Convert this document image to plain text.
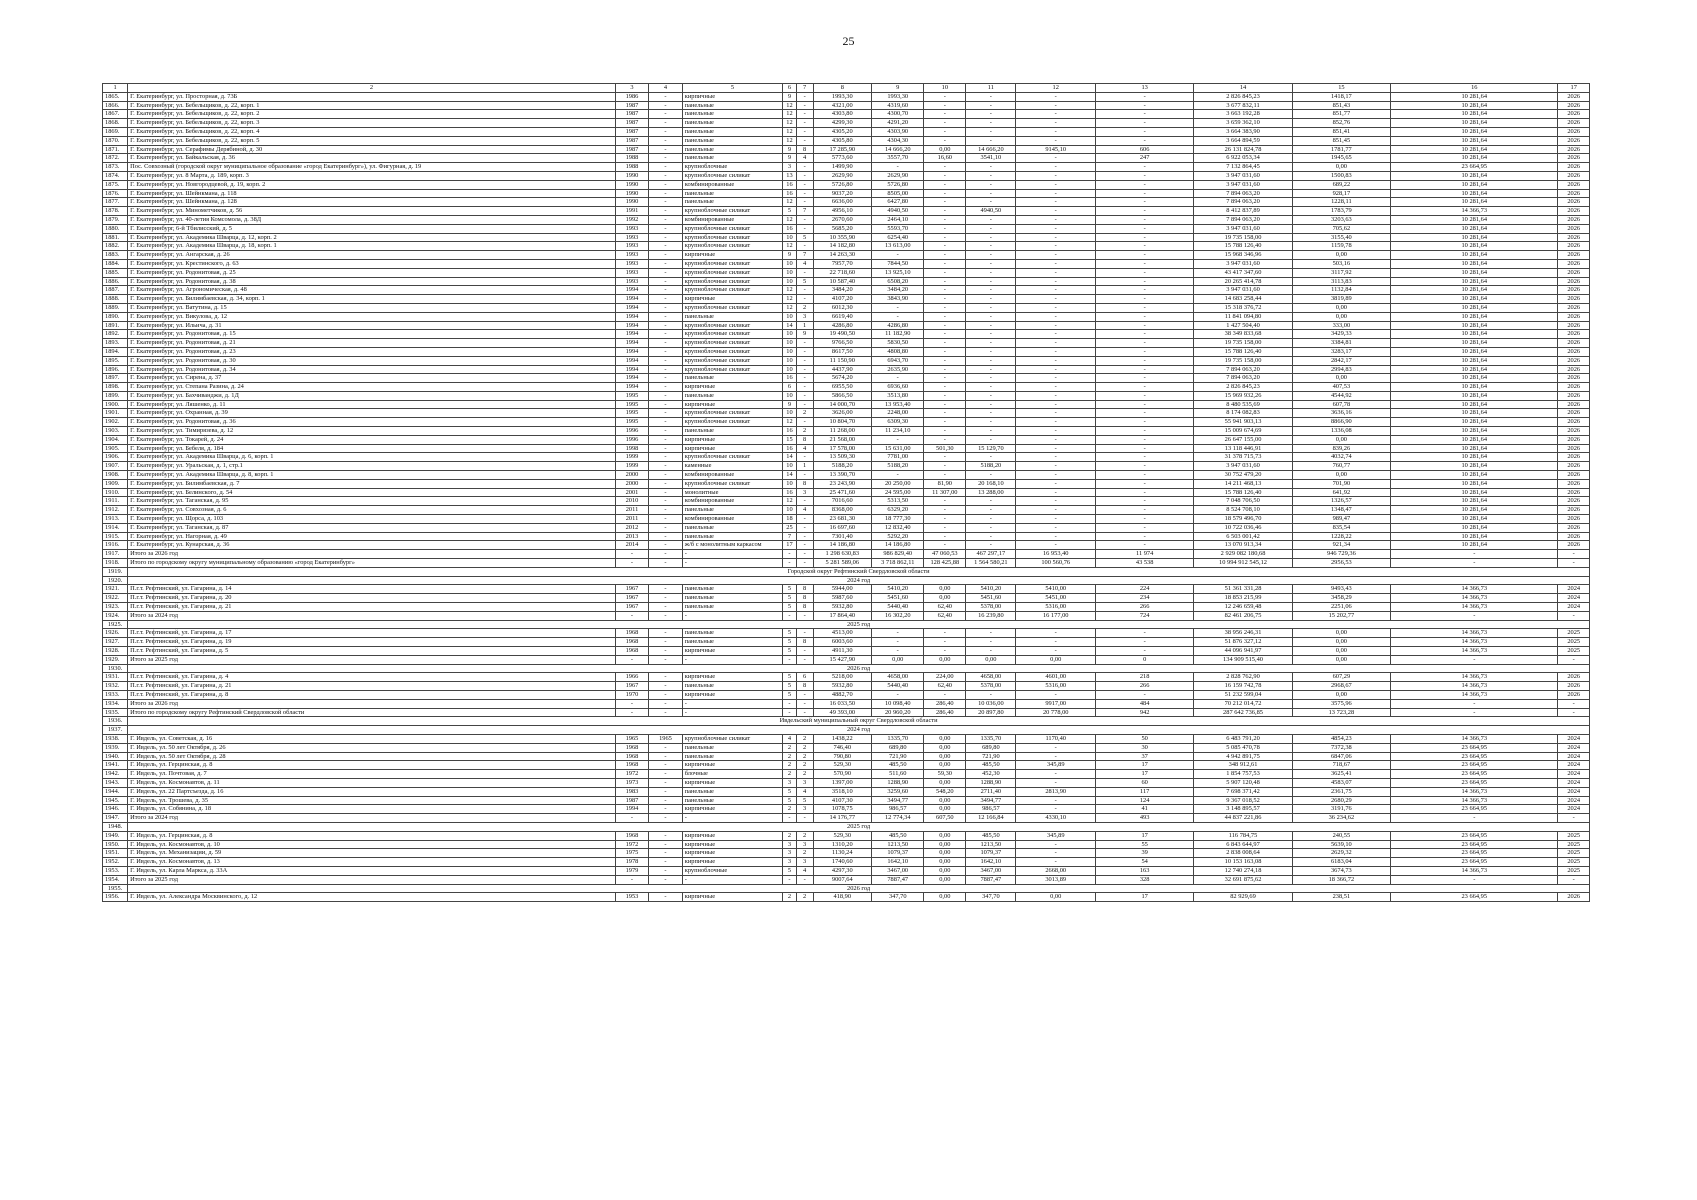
25
1	2	3	4	5	6	7	8	9	10	11	12	13	14	15	16	17
1865.	Г. Екатеринбург, ул. Просторная, д. 73Б	1986	-	кирпичные	9	-	1993,30	1993,30	-	-	-	-	2 826 845,23	1418,17	10 281,64	2026
1866.	Г. Екатеринбург, ул. Бебельщиков, д. 22, корп. 1	1987	-	панельные	12	-	4321,00	4319,60	-	-	-	-	3 677 832,11	851,43	10 281,64	2026
1867.	Г. Екатеринбург, ул. Бебельщиков, д. 22, корп. 2	1987	-	панельные	12	-	4303,80	4300,70	-	-	-	-	3 663 192,28	851,77	10 281,64	2026
1868.	Г. Екатеринбург, ул. Бебельщиков, д. 22, корп. 3	1987	-	панельные	12	-	4299,30	4291,20	-	-	-	-	3 659 362,10	852,76	10 281,64	2026
1869.	Г. Екатеринбург, ул. Бебельщиков, д. 22, корп. 4	1987	-	панельные	12	-	4305,20	4303,90	-	-	-	-	3 664 383,90	851,41	10 281,64	2026
1870.	Г. Екатеринбург, ул. Бебельщиков, д. 22, корп. 5	1987	-	панельные	12	-	4305,80	4304,30	-	-	-	-	3 664 894,59	851,45	10 281,64	2026
1871.	Г. Екатеринбург, ул. Серафимы Дерябиной, д. 30	1987	-	панельные	9	8	17 285,90	14 666,20	0,00	14 666,20	9145,10	606	26 131 824,78	1781,77	10 281,64	2026
1872.	Г. Екатеринбург, ул. Байкальская, д. 36	1988	-	панельные	9	4	5773,60	3557,70	16,60	3541,10	-	247	6 922 053,34	1945,65	10 281,64	2026
1873.	Пос. Совхозный (городской округ муниципальное образование «город Екатеринбург»), ул. Фигурная, д. 19	1988	-	крупноблочные	3	-	1499,90	-	-	-	-	-	7 132 864,45	0,00	23 664,95	2026
1874.	Г. Екатеринбург, ул. 8 Марта, д. 189, корп. 3	1990	-	крупноблочные силикат	13	-	2629,90	2629,90	-	-	-	-	3 947 031,60	1500,83	10 281,64	2026
1875.	Г. Екатеринбург, ул. Новгородцевой, д. 19, корп. 2	1990	-	комбинированные	16	-	5726,80	5726,80	-	-	-	-	3 947 031,60	689,22	10 281,64	2026
1876.	Г. Екатеринбург, ул. Шейнкмана, д. 118	1990	-	панельные	16	-	9037,20	8505,00	-	-	-	-	7 894 063,20	928,17	10 281,64	2026
1877.	Г. Екатеринбург, ул. Шейнкмана, д. 128	1990	-	панельные	12	-	6636,00	6427,80	-	-	-	-	7 894 063,20	1228,11	10 281,64	2026
1878.	Г. Екатеринбург, ул. Минометчиков, д. 56	1991	-	крупноблочные силикат	5	7	4956,10	4940,50	-	4940,50	-	-	8 412 837,89	1783,79	14 366,73	2026
1879.	Г. Екатеринбург, ул. 40-летия Комсомола, д. 38Д	1992	-	комбинированные	12	-	2670,60	2464,10	-	-	-	-	7 894 063,20	3203,63	10 281,64	2026
1880.	Г. Екатеринбург, 6-й Тбилисский, д. 5	1993	-	крупноблочные силикат	16	-	5685,20	5593,70	-	-	-	-	3 947 031,60	705,62	10 281,64	2026
1881.	Г. Екатеринбург, ул. Академика Шварца, д. 12, корп. 2	1993	-	крупноблочные силикат	10	5	10 355,90	6254,40	-	-	-	-	19 735 158,00	3155,40	10 281,64	2026
1882.	Г. Екатеринбург, ул. Академика Шварца, д. 18, корп. 1	1993	-	крупноблочные силикат	12	-	14 182,80	13 613,00	-	-	-	-	15 788 126,40	1159,78	10 281,64	2026
1883.	Г. Екатеринбург, ул. Ангарская, д. 26	1993	-	кирпичные	9	7	14 263,30	-	-	-	-	-	15 968 346,96	0,00	10 281,64	2026
1884.	Г. Екатеринбург, ул. Крестинского, д. 63	1993	-	крупноблочные силикат	10	4	7957,70	7844,50	-	-	-	-	3 947 031,60	503,16	10 281,64	2026
1885.	Г. Екатеринбург, ул. Родонитовая, д. 25	1993	-	крупноблочные силикат	10	-	22 718,60	13 925,10	-	-	-	-	43 417 347,60	3117,92	10 281,64	2026
1886.	Г. Екатеринбург, ул. Родонитовая, д. 38	1993	-	крупноблочные силикат	10	5	10 587,40	6508,20	-	-	-	-	20 265 414,78	3113,83	10 281,64	2026
1887.	Г. Екатеринбург, ул. Агрономическая, д. 48	1994	-	крупноблочные силикат	12	-	3484,20	3484,20	-	-	-	-	3 947 031,60	1132,84	10 281,64	2026
1888.	Г. Екатеринбург, ул. Билимбаевская, д. 34, корп. 1	1994	-	кирпичные	12	-	4107,20	3843,90	-	-	-	-	14 683 258,44	3819,89	10 281,64	2026
1889.	Г. Екатеринбург, ул. Ватутина, д. 15	1994	-	крупноблочные силикат	12	2	6012,30	-	-	-	-	-	15 318 376,72	0,00	10 281,64	2026
1890.	Г. Екатеринбург, ул. Викулова, д. 12	1994	-	панельные	10	3	6619,40	-	-	-	-	-	11 841 094,80	0,00	10 281,64	2026
1891.	Г. Екатеринбург, ул. Ильича, д. 31	1994	-	крупноблочные силикат	14	1	4286,80	4286,80	-	-	-	-	1 427 504,40	333,00	10 281,64	2026
1892.	Г. Екатеринбург, ул. Родонитовая, д. 15	1994	-	крупноблочные силикат	10	9	19 490,50	11 182,90	-	-	-	-	38 349 833,68	3429,33	10 281,64	2026
1893.	Г. Екатеринбург, ул. Родонитовая, д. 21	1994	-	крупноблочные силикат	10	-	9766,50	5830,50	-	-	-	-	19 735 158,00	3384,81	10 281,64	2026
1894.	Г. Екатеринбург, ул. Родонитовая, д. 23	1994	-	крупноблочные силикат	10	-	8617,50	4808,80	-	-	-	-	15 788 126,40	3283,17	10 281,64	2026
1895.	Г. Екатеринбург, ул. Родонитовая, д. 30	1994	-	крупноблочные силикат	10	-	11 150,90	6943,70	-	-	-	-	19 735 158,00	2842,17	10 281,64	2026
1896.	Г. Екатеринбург, ул. Родонитовая, д. 34	1994	-	крупноблочные силикат	10	-	4437,90	2635,90	-	-	-	-	7 894 063,20	2994,83	10 281,64	2026
1897.	Г. Екатеринбург, ул. Сирена, д. 37	1994	-	панельные	16	-	5674,20	-	-	-	-	-	7 894 063,20	0,00	10 281,64	2026
1898.	Г. Екатеринбург, ул. Степана Разина, д. 24	1994	-	кирпичные	6	-	6955,50	6936,60	-	-	-	-	2 826 845,23	407,53	10 281,64	2026
1899.	Г. Екатеринбург, ул. Бахчиванджи, д. 1Д	1995	-	панельные	10	-	5866,50	3513,80	-	-	-	-	15 969 932,26	4544,92	10 281,64	2026
1900.	Г. Екатеринбург, ул. Ляшенко, д. 11	1995	-	кирпичные	9	-	14 000,70	13 953,40	-	-	-	-	8 480 535,69	607,78	10 281,64	2026
1901.	Г. Екатеринбург, ул. Охранная, д. 39	1995	-	крупноблочные силикат	10	2	3626,00	2248,00	-	-	-	-	8 174 082,83	3636,16	10 281,64	2026
1902.	Г. Екатеринбург, ул. Родонитовая, д. 36	1995	-	крупноблочные силикат	12	-	10 804,70	6309,30	-	-	-	-	55 941 903,13	8866,90	10 281,64	2026
1903.	Г. Екатеринбург, ул. Тимирязева, д. 12	1996	-	панельные	16	2	11 268,00	11 234,10	-	-	-	-	15 009 674,69	1336,08	10 281,64	2026
1904.	Г. Екатеринбург, ул. Токарей, д. 24	1996	-	кирпичные	15	8	21 568,00	-	-	-	-	-	26 647 155,00	0,00	10 281,64	2026
1905.	Г. Екатеринбург, ул. Бебеля, д. 184	1998	-	кирпичные	16	4	17 578,00	15 631,00	501,30	15 129,70	-	-	13 118 446,91	839,26	10 281,64	2026
1906.	Г. Екатеринбург, ул. Академика Шварца, д. 6, корп. 1	1999	-	крупноблочные силикат	14	-	13 509,30	7781,00	-	-	-	-	31 378 715,73	4032,74	10 281,64	2026
1907.	Г. Екатеринбург, ул. Уральская, д. 1, стр.1	1999	-	каменные	10	1	5188,20	5188,20	-	5188,20	-	-	3 947 031,60	760,77	10 281,64	2026
1908.	Г. Екатеринбург, ул. Академика Шварца, д. 8, корп. 1	2000	-	комбинированные	14	-	13 390,70	-	-	-	-	-	30 752 479,20	0,00	10 281,64	2026
1909.	Г. Екатеринбург, ул. Билимбаевская, д. 7	2000	-	крупноблочные силикат	10	8	23 243,90	20 250,00	81,90	20 168,10	-	-	14 211 468,13	701,90	10 281,64	2026
1910.	Г. Екатеринбург, ул. Белинского, д. 54	2001	-	монолитные	16	3	25 471,60	24 595,00	11 307,00	13 288,00	-	-	15 788 126,40	641,92	10 281,64	2026
1911.	Г. Екатеринбург, ул. Таганская, д. 95	2010	-	комбинированные	12	-	7016,60	5313,50	-	-	-	-	7 048 706,50	1326,57	10 281,64	2026
1912.	Г. Екатеринбург, ул. Совхозная, д. 6	2011	-	панельные	10	4	8368,00	6329,20	-	-	-	-	8 524 708,10	1348,47	10 281,64	2026
1913.	Г. Екатеринбург, ул. Щорса, д. 103	2011	-	комбинированные	18	-	23 681,30	18 777,30	-	-	-	-	18 579 496,70	989,47	10 281,64	2026
1914.	Г. Екатеринбург, ул. Таганская, д. 87	2012	-	панельные	25	-	16 697,60	12 832,40	-	-	-	-	10 722 036,46	835,54	10 281,64	2026
1915.	Г. Екатеринбург, ул. Нагорная, д. 49	2013	-	панельные	7	-	7301,40	5292,20	-	-	-	-	6 503 001,42	1228,22	10 281,64	2026
1916.	Г. Екатеринбург, ул. Кунарская, д. 36	2014	-	ж/б с монолитным каркасом	17	-	14 186,80	14 186,80	-	-	-	-	13 070 913,34	921,34	10 281,64	2026
1917.	Итого за 2026 год	-	-	-	-	-	1 298 630,83	986 829,40	47 060,53	467 297,17	16 953,40	11 974	2 929 082 180,68	946 729,36	-	-
1918.	Итого по городскому округу муниципальному образованию «город Екатеринбург»	-	-	-	-	-	5 281 589,06	3 718 862,11	128 425,88	1 564 580,21	100 560,76	43 538	10 994 912 545,12	2956,53	-	-
1919.	Городской округ Рефтинский Свердловской области															
1920.	2024 год															
1921.	П.г.т. Рефтинский, ул. Гагарина, д. 14	1967	-	панельные	5	8	5944,00	5410,20	0,00	5410,20	5410,00	224	51 361 331,28	9493,43	14 366,73	2024
1922.	П.г.т. Рефтинский, ул. Гагарина, д. 20	1967	-	панельные	5	8	5987,60	5451,60	0,00	5451,60	5451,00	234	18 853 215,99	3458,29	14 366,73	2024
1923.	П.г.т. Рефтинский, ул. Гагарина, д. 21	1967	-	панельные	5	8	5932,80	5440,40	62,40	5378,00	5316,00	266	12 246 659,48	2251,06	14 366,73	2024
1924.	Итого за 2024 год	-	-	-	-	-	17 864,40	16 302,20	62,40	16 239,80	16 177,00	724	82 461 206,75	15 202,77	-	-
1925.	2025 год															
1926.	П.г.т. Рефтинский, ул. Гагарина, д. 17	1968	-	панельные	5	-	4513,00	-	-	-	-	-	38 956 246,31	0,00	14 366,73	2025
1927.	П.г.т. Рефтинский, ул. Гагарина, д. 19	1968	-	панельные	5	8	6003,60	-	-	-	-	-	51 876 327,12	0,00	14 366,73	2025
1928.	П.г.т. Рефтинский, ул. Гагарина, д. 5	1968	-	кирпичные	5	-	4911,30	-	-	-	-	-	44 096 941,97	0,00	14 366,73	2025
1929.	Итого за 2025 год	-	-	-	-	-	15 427,90	0,00	0,00	0,00	0,00	0	134 909 515,40	0,00	-	-
1930.	2026 год															
1931.	П.г.т. Рефтинский, ул. Гагарина, д. 4	1966	-	кирпичные	5	6	5218,00	4658,00	224,00	4658,00	4601,00	218	2 828 762,90	607,29	14 366,73	2026
1932.	П.г.т. Рефтинский, ул. Гагарина, д. 21	1967	-	панельные	5	8	5932,80	5440,40	62,40	5378,00	5316,00	266	16 159 742,78	2968,67	14 366,73	2026
1933.	П.г.т. Рефтинский, ул. Гагарина, д. 8	1970	-	кирпичные	5	-	4882,70	-	-	-	-	-	51 232 599,04	0,00	14 366,73	2026
1934.	Итого за 2026 год	-	-	-	-	-	16 033,50	10 098,40	286,40	10 036,00	9917,00	484	70 212 014,72	3575,96	-	-
1935.	Итого по городскому округу Рефтинский Свердловской области	-	-	-	-	-	49 393,00	20 960,20	286,40	20 897,80	20 778,00	942	287 642 736,85	13 723,28	-	-
1936.	Ивдельский муниципальный округ Свердловской области															
1937.	2024 год															
1938.	Г. Ивдель, ул. Советская, д. 16	1965	1965	крупноблочные силикат	4	2	1438,22	1335,70	0,00	1335,70	1170,40	50	6 483 791,20	4854,23	14 366,73	2024
1939.	Г. Ивдель, ул. 50 лет Октября, д. 26	1968	-	панельные	2	2	746,40	689,80	0,00	689,80	-	30	5 085 470,78	7372,38	23 664,95	2024
1940.	Г. Ивдель, ул. 50 лет Октября, д. 28	1968	-	панельные	2	2	790,80	721,90	0,00	721,90	-	37	4 942 891,75	6847,06	23 664,95	2024
1941.	Г. Ивдель, ул. Герцинская, д. 8	1968	-	кирпичные	2	2	529,30	485,50	0,00	485,50	345,89	17	348 912,61	718,67	23 664,95	2024
1942.	Г. Ивдель, ул. Почтовая, д. 7	1972	-	блочные	2	2	570,90	511,60	59,30	452,30	-	17	1 854 757,53	3625,41	23 664,95	2024
1943.	Г. Ивдель, ул. Космонавтов, д. 11	1973	-	кирпичные	3	3	1397,00	1288,90	0,00	1288,90	-	60	5 907 120,48	4583,07	23 664,95	2024
1944.	Г. Ивдель, ул. 22 Партсъезда, д. 16	1983	-	панельные	5	4	3518,10	3259,60	548,20	2711,40	2813,90	117	7 698 371,42	2361,75	14 366,73	2024
1945.	Г. Ивдель, ул. Трошева, д. 35	1987	-	панельные	5	5	4107,30	3494,77	0,00	3494,77	-	124	9 367 018,52	2680,29	14 366,73	2024
1946.	Г. Ивдель, ул. Собянина, д. 18	1994	-	кирпичные	2	3	1078,75	986,57	0,00	986,57	-	41	3 148 895,57	3191,76	23 664,95	2024
1947.	Итого за 2024 год	-	-	-	-	-	14 176,77	12 774,34	607,50	12 166,84	4330,10	493	44 837 221,86	36 234,62	-	-
1948.	2025 год															
1949.	Г. Ивдель, ул. Герцинская, д. 8	1968	-	кирпичные	2	2	529,30	485,50	0,00	485,50	345,89	17	116 784,75	240,55	23 664,95	2025
1950.	Г. Ивдель, ул. Космонавтов, д. 10	1972	-	кирпичные	3	3	1310,20	1213,50	0,00	1213,50	-	55	6 843 644,97	5639,10	23 664,95	2025
1951.	Г. Ивдель, ул. Механизации, д. 59	1975	-	кирпичные	3	2	1130,24	1079,37	0,00	1079,37	-	39	2 838 008,64	2629,32	23 664,95	2025
1952.	Г. Ивдель, ул. Космонавтов, д. 13	1978	-	кирпичные	3	3	1740,60	1642,10	0,00	1642,10	-	54	10 153 163,08	6183,04	23 664,95	2025
1953.	Г. Ивдель, ул. Карла Маркса, д. 33А	1979	-	крупноблочные	5	4	4297,30	3467,00	0,00	3467,00	2668,00	163	12 740 274,18	3674,73	14 366,73	2025
1954.	Итого за 2025 год	-	-	-	-	-	9007,64	7887,47	0,00	7887,47	3013,89	328	32 691 875,62	18 366,72	-	-
1955.	2026 год															
1956.	Г. Ивдель, ул. Александра Москвинского, д. 12	1953	-	кирпичные	2	2	418,90	347,70	0,00	347,70	0,00	17	82 929,69	238,51	23 664,95	2026
